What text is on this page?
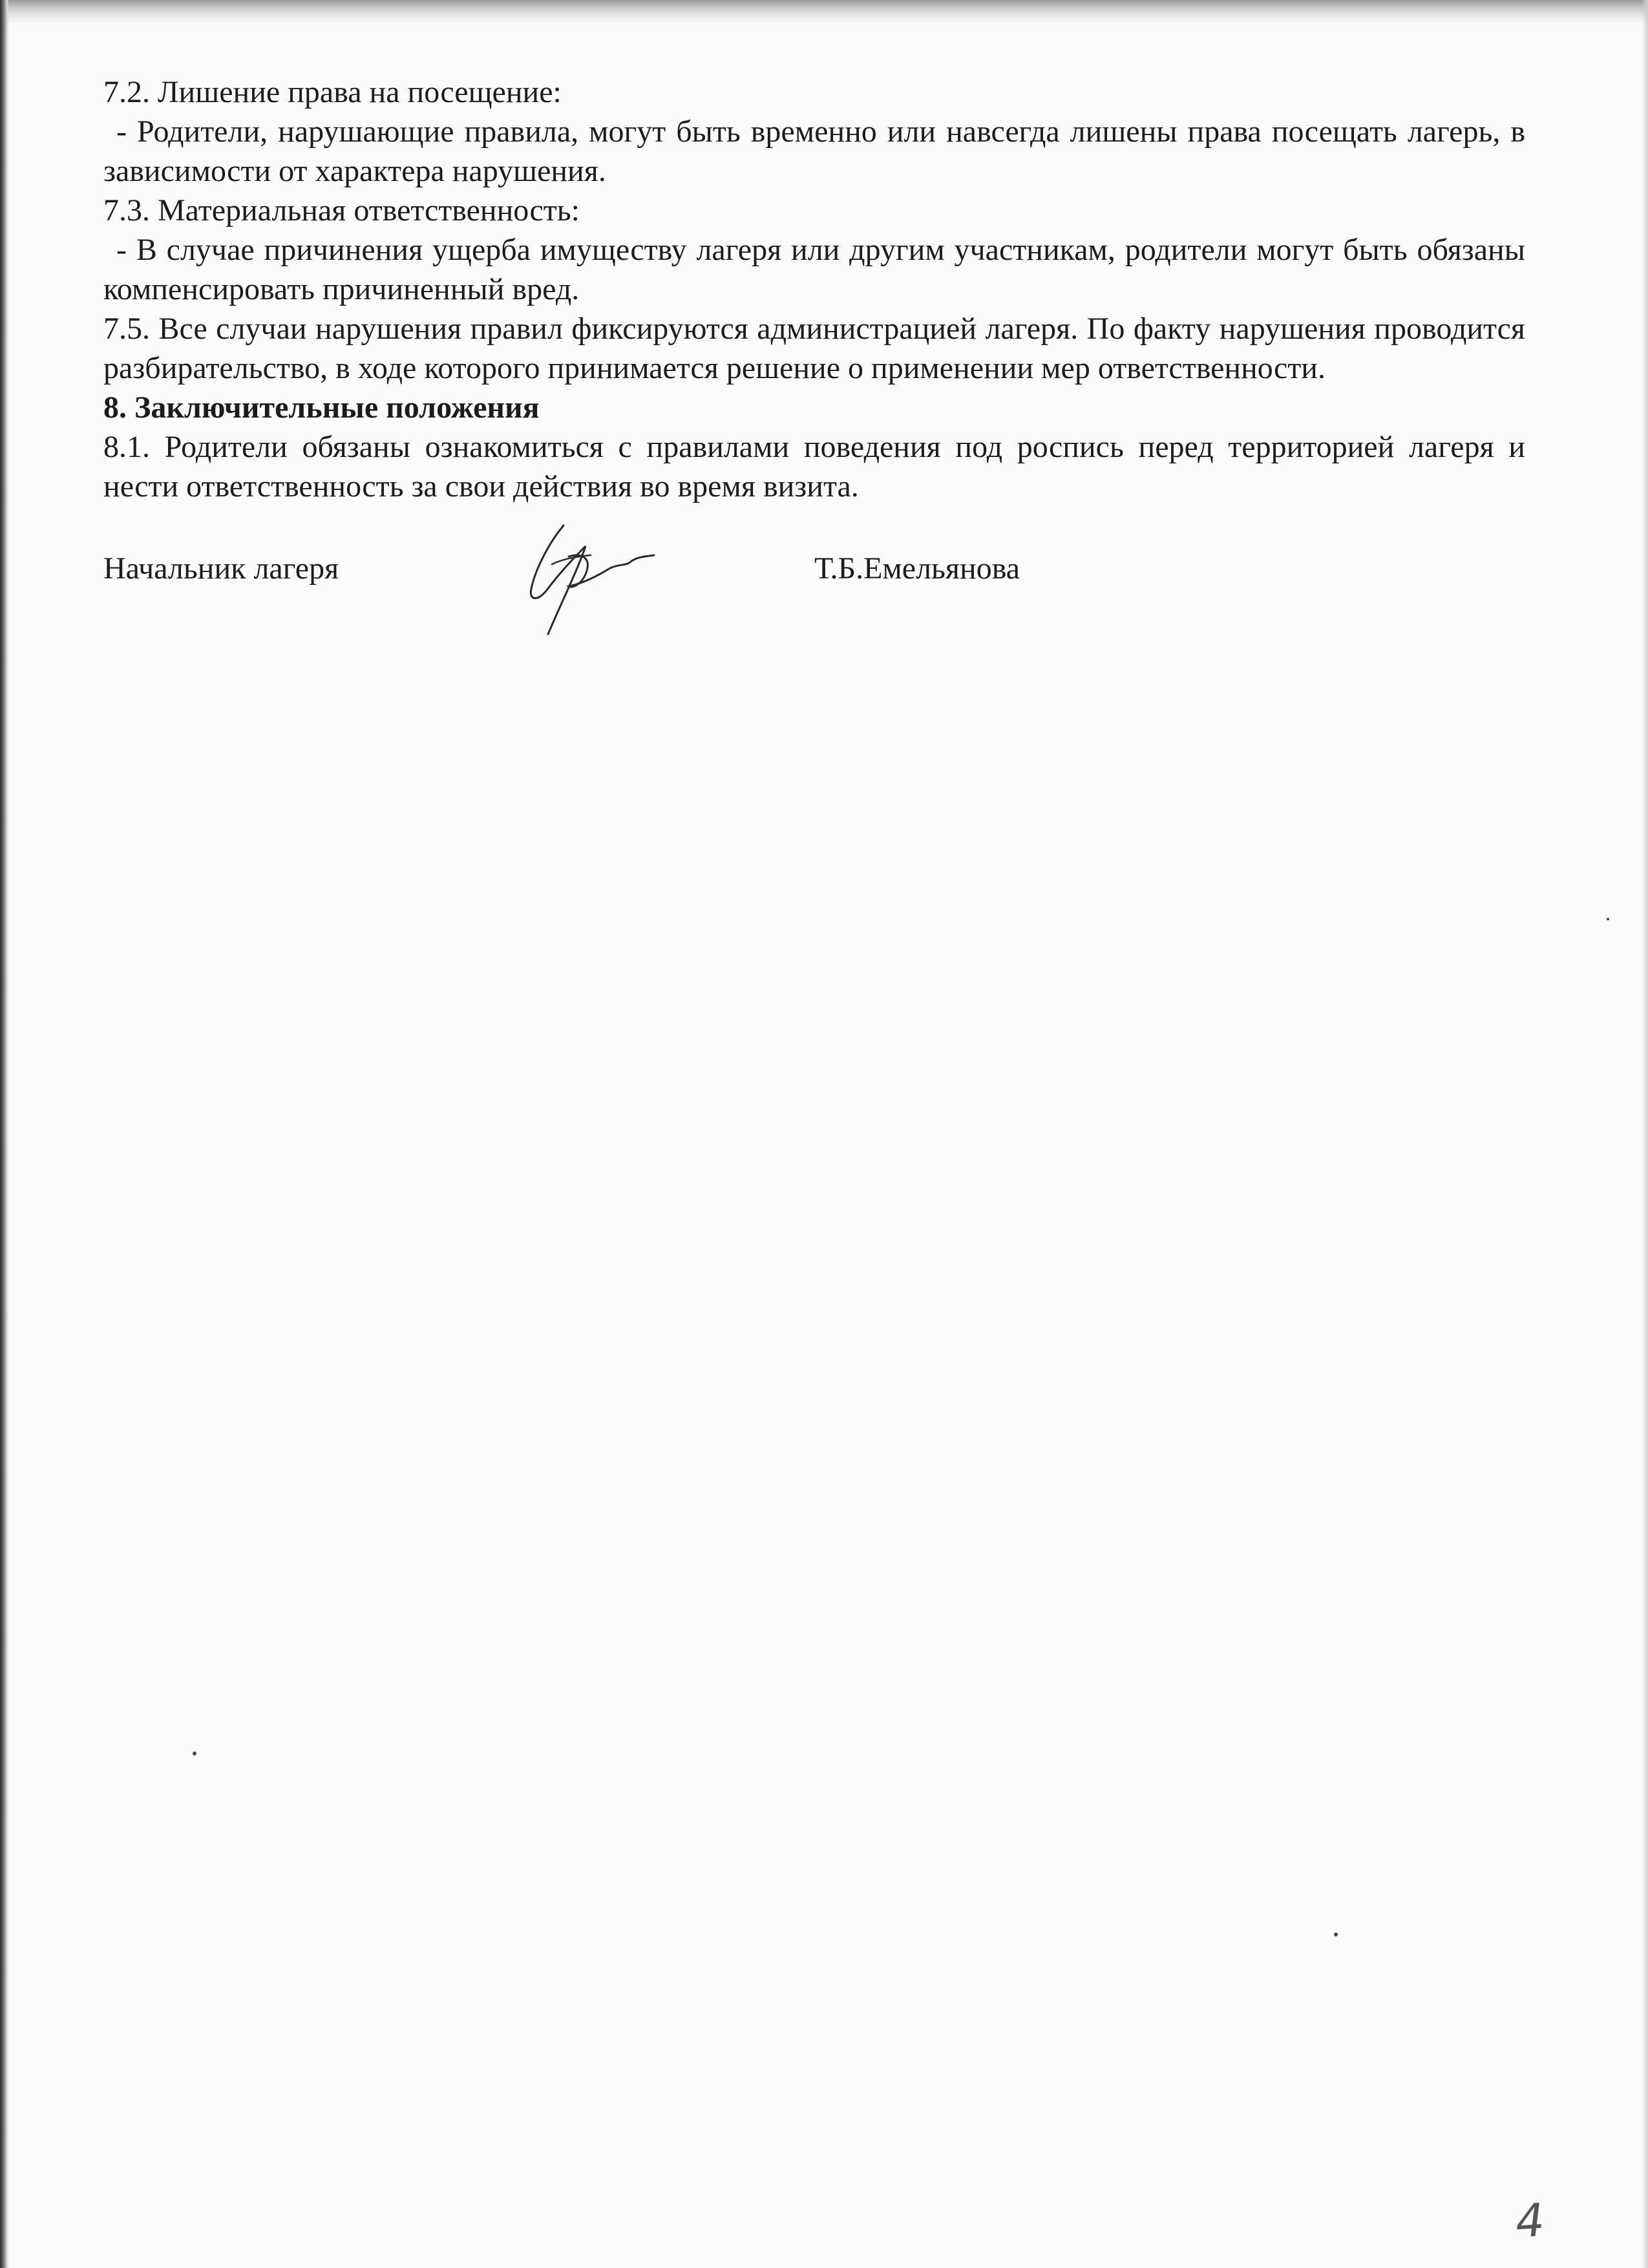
7.2. Лишение права на посещение:

- Родители, нарушающие правила, могут быть временно или навсегда лишены права посещать лагерь, в зависимости от характера нарушения.

7.3. Материальная ответственность:

- В случае причинения ущерба имуществу лагеря или другим участникам, родители могут быть обязаны компенсировать причиненный вред.

7.5. Все случаи нарушения правил фиксируются администрацией лагеря. По факту нарушения проводится разбирательство, в ходе которого принимается решение о применении мер ответственности.

8. Заключительные положения

8.1. Родители обязаны ознакомиться с правилами поведения под роспись перед территорией лагеря и нести ответственность за свои действия во время визита.

Начальник лагеря	Т.Б.Емельянова
4
